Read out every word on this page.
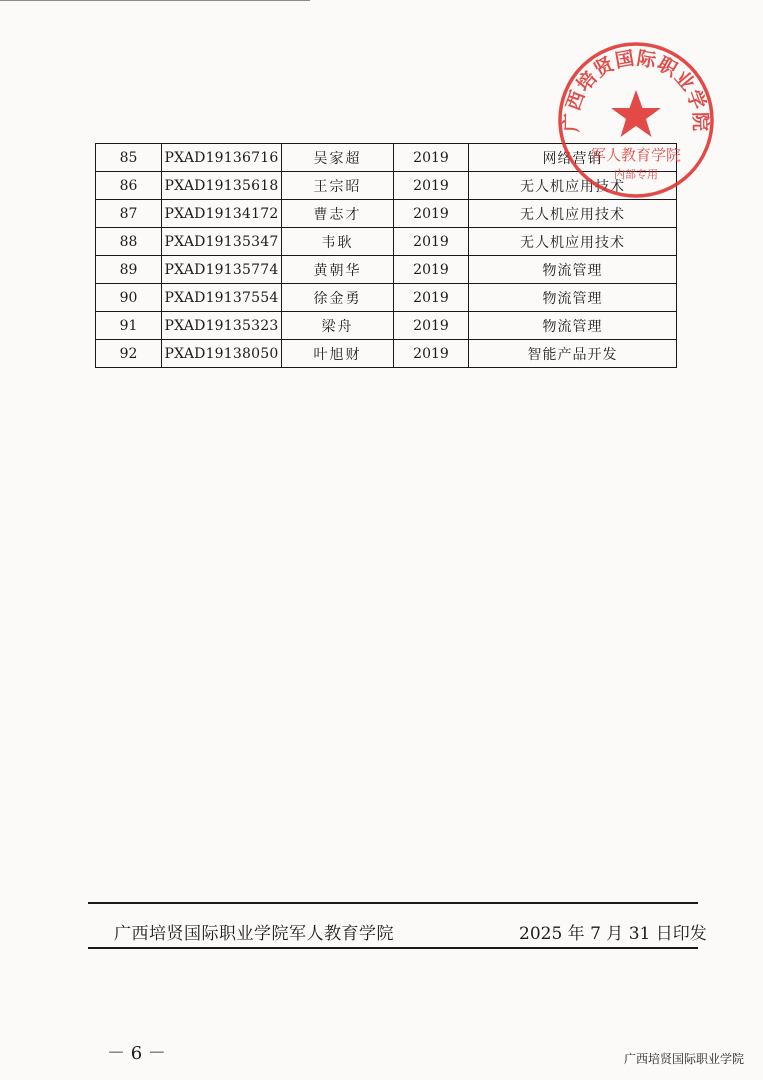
85	PXAD19136716	吴家超	2019	网络营销
86	PXAD19135618	王宗昭	2019	无人机应用技术
87	PXAD19134172	曹志才	2019	无人机应用技术
88	PXAD19135347	韦耿	2019	无人机应用技术
89	PXAD19135774	黄朝华	2019	物流管理
90	PXAD19137554	徐金勇	2019	物流管理
91	PXAD19135323	梁舟	2019	物流管理
92	PXAD19138050	叶旭财	2019	智能产品开发
广西培贤国际职业学院
军人教育学院
内部专用
广西培贤国际职业学院军人教育学院	2025 年 7 月 31 日印发
－ 6 －	广西培贤国际职业学院
